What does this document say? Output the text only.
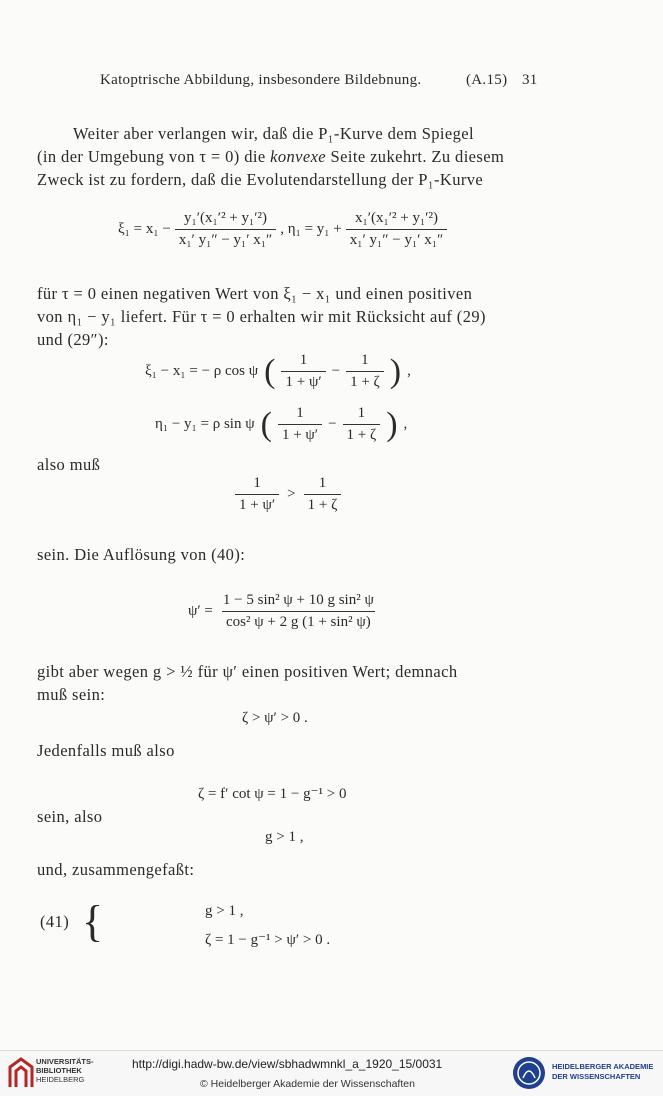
Katoptrische Abbildung, insbesondere Bildebnung.	(A.15) 31
Weiter aber verlangen wir, daß die P₁-Kurve dem Spiegel
(in der Umgebung von τ = 0) die konvexe Seite zukehrt. Zu diesem
Zweck ist zu fordern, daß die Evolutendarstellung der P₁-Kurve
$\xi_1 = x_1 - \frac{\text{y₁′(x₁′² + y₁′²)}}{\text{x₁′ y₁″ − y₁′ x₁″}}$ , $\eta_1 = y_1 + \frac{\text{x₁′(x₁′² + y₁′²)}}{\text{x₁′ y₁″ − y₁′ x₁″}}$
für τ = 0 einen negativen Wert von ξ₁ − x₁ und einen positiven
von η₁ − y₁ liefert. Für τ = 0 erhalten wir mit Rücksicht auf (29)
und (29″):
ξ₁ − x₁ = − ρ cos ψ ( $\frac{1}{1 + \psi'} - \frac{1}{1 + \zeta}$ ) ,
η₁ − y₁ = ρ sin ψ ( $\frac{1}{1 + \psi'} - \frac{1}{1 + \zeta}$ ) ,
also muß
$\frac{1}{1 + \psi'} > \frac{1}{1 + \zeta}$
sein. Die Auflösung von (40):
$\psi' = \frac{\text{1 − 5 sin² ψ + 10 g sin² ψ}}{\text{cos² ψ + 2 g (1 + sin² ψ)}}$
gibt aber wegen g > ½ für ψ′ einen positiven Wert; demnach
muß sein:
ζ > ψ′ > 0 .
Jedenfalls muß also
ζ = f′ cot ψ = 1 − g⁻¹ > 0
sein, also
g > 1 ,
und, zusammengefaßt:
(41) {	g > 1 ,
ζ = 1 − g⁻¹ > ψ′ > 0 .
UNIVERSITÄTS-
BIBLIOTHEK
HEIDELBERG
http://digi.hadw-bw.de/view/sbhadwmnkl_a_1920_15/0031
© Heidelberger Akademie der Wissenschaften
HEIDELBERGER AKADEMIE
DER WISSENSCHAFTEN
